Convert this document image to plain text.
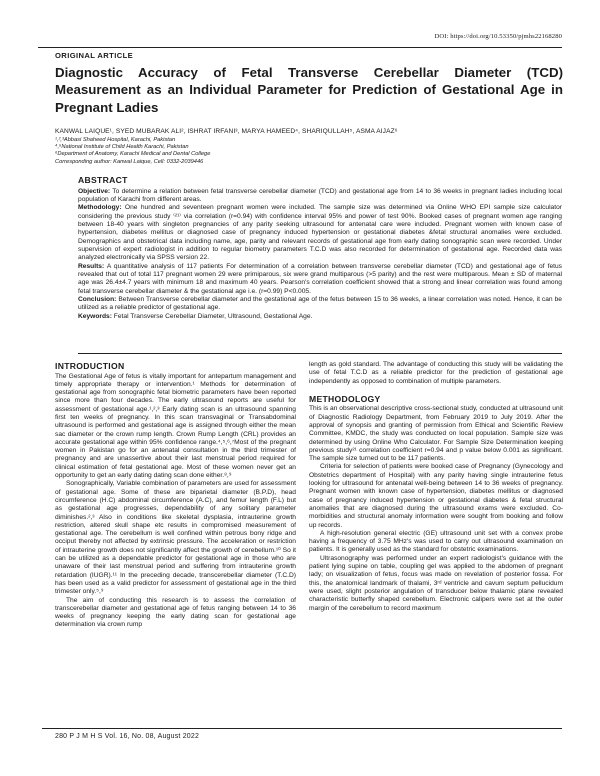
DOI: https://doi.org/10.53350/pjmhs22168280
ORIGINAL ARTICLE
Diagnostic Accuracy of Fetal Transverse Cerebellar Diameter (TCD) Measurement as an Individual Parameter for Prediction of Gestational Age in Pregnant Ladies
KANWAL LAIQUE¹, SYED MUBARAK ALI², ISHRAT IRFANI³, MARYA HAMEED⁴, SHARIQULLAH⁵, ASMA AIJAZ⁶
¹,²,³Abbasi Shaheed Hospital, Karachi, Pakistan
⁴,⁵National Institute of Child Health Karachi, Pakistan
⁶Department of Anatomy, Karachi Medical and Dental College
Corresponding author: Kanwal Laique, Cell: 0332-2039446
ABSTRACT

Objective: To determine a relation between fetal transverse cerebellar diameter (TCD) and gestational age from 14 to 36 weeks in pregnant ladies including local population of Karachi from different areas.

Methodology: One hundred and seventeen pregnant women were included. The sample size was determined via Online WHO EPI sample size calculator considering the previous study ⁽²¹⁾ via correlation (r=0.94) with confidence interval 95% and power of test 90%. Booked cases of pregnant women age ranging between 18-40 years with singleton pregnancies of any parity seeking ultrasound for antenatal care were included. Pregnant women with known case of hypertension, diabetes mellitus or diagnosed case of pregnancy induced hypertension or gestational diabetes &fetal structural anomalies were excluded. Demographics and obstetrical data including name, age, parity and relevant records of gestational age from early dating sonographic scan were recorded. Under supervision of expert radiologist in addition to regular biometry parameters T.C.D was also recorded for determination of gestational age. Recorded data was analyzed electronically via SPSS version 22.

Results: A quantitative analysis of 117 patients For determination of a correlation between transverse cerebellar diameter (TCD) and gestational age of fetus revealed that out of total 117 pregnant women 29 were primiparous, six were grand multiparous (>5 parity) and the rest were multiparous. Mean ± SD of maternal age was 26.4±4.7 years with minimum 18 and maximum 40 years. Pearson's correlation coefficient showed that a strong and linear correlation was found among fetal transverse cerebellar diameter & the gestational age i.e. (r=0.99) P<0.005.

Conclusion: Between Transverse cerebellar diameter and the gestational age of the fetus between 15 to 36 weeks, a linear correlation was noted. Hence, it can be utilized as a reliable predictor of gestational age.

Keywords: Fetal Transverse Cerebellar Diameter, Ultrasound, Gestational Age.

INTRODUCTION

The Gestational Age of fetus is vitally important for antepartum management and timely appropriate therapy or intervention.¹ Methods for determination of gestational age from sonographic fetal biometric parameters have been reported since more than four decades. The early ultrasound reports are useful for assessment of gestational age.¹,²,³ Early dating scan is an ultrasound spanning first ten weeks of pregnancy. In this scan transvaginal or Transabdominal ultrasound is performed and gestational age is assigned through either the mean sac diameter or the crown rump length. Crown Rump Length (CRL) provides an accurate gestational age within 95% confidence range.⁴,⁵,⁶,⁷Most of the pregnant women in Pakistan go for an antenatal consultation in the third trimester of pregnancy and are unassertive about their last menstrual period required for clinical estimation of fetal gestational age. Most of these women never get an opportunity to get an early dating dating scan done either.⁸,⁹

Sonographically, Variable combination of parameters are used for assessment of gestational age. Some of these are biparietal diameter (B.P.D), head circumference (H.C) abdominal circumference (A.C), and femur length (F.L) but as gestational age progresses, dependability of any solitary parameter diminishes.²,³ Also in conditions like skeletal dysplasia, intrauterine growth restriction, altered skull shape etc results in compromised measurement of gestational age. The cerebellum is well confined within petrous bony ridge and occiput thereby not affected by extrinsic pressure. The acceleration or restriction of intrauterine growth does not significantly affect the growth of cerebellum.¹⁰ So it can be utilized as a dependable predictor for gestational age in those who are unaware of their last menstrual period and suffering from intrauterine growth retardation (IUGR).¹¹ In the preceding decade, transcerebellar diameter (T.C.D) has been used as a valid predictor for assessment of gestational age in the third trimester only.⁵,⁹

The aim of conducting this research is to assess the correlation of transcerebellar diameter and gestational age of fetus ranging between 14 to 36 weeks of pregnancy keeping the early dating scan for gestational age determination via crown rump

length as gold standard. The advantage of conducting this study will be validating the use of fetal T.C.D as a reliable predictor for the prediction of gestational age independently as opposed to combination of multiple parameters.

METHODOLOGY

This is an observational descriptive cross-sectional study, conducted at ultrasound unit of Diagnostic Radiology Department, from February 2019 to July 2019. After the approval of synopsis and granting of permission from Ethical and Scientific Review Committee, KMDC, the study was conducted on local population. Sample size was determined by using Online Who Calculator. For Sample Size Determination keeping previous study²¹ correlation coefficient r=0.94 and p value below 0.001 as significant. The sample size turned out to be 117 patients.

Criteria for selection of patients were booked case of Pregnancy (Gynecology and Obstetrics department of Hospital) with any parity having single intrauterine fetus looking for ultrasound for antenatal well-being between 14 to 36 weeks of pregnancy. Pregnant women with known case of hypertension, diabetes mellitus or diagnosed case of pregnancy induced hypertension or gestational diabetes & fetal structural anomalies that are diagnosed during the ultrasound exams were excluded. Co-morbidities and structural anomaly information were sought from booking and follow up records.

A high-resolution general electric (GE) ultrasound unit set with a convex probe having a frequency of 3.75 MHz's was used to carry out ultrasound examination on patients. It is generally used as the standard for obstetric examinations.

Ultrasonography was performed under an expert radiologist's guidance with the patient lying supine on table, coupling gel was applied to the abdomen of pregnant lady; on visualization of fetus, focus was made on revelation of posterior fossa. For this, the anatomical landmark of thalami, 3ʳᵈ ventricle and cavum septum pellucidum were used, slight posterior angulation of transducer below thalamic plane revealed characteristic butterfly shaped cerebellum. Electronic calipers were set at the outer margin of the cerebellum to record maximum

280 P J M H S Vol. 16, No. 08, August 2022
